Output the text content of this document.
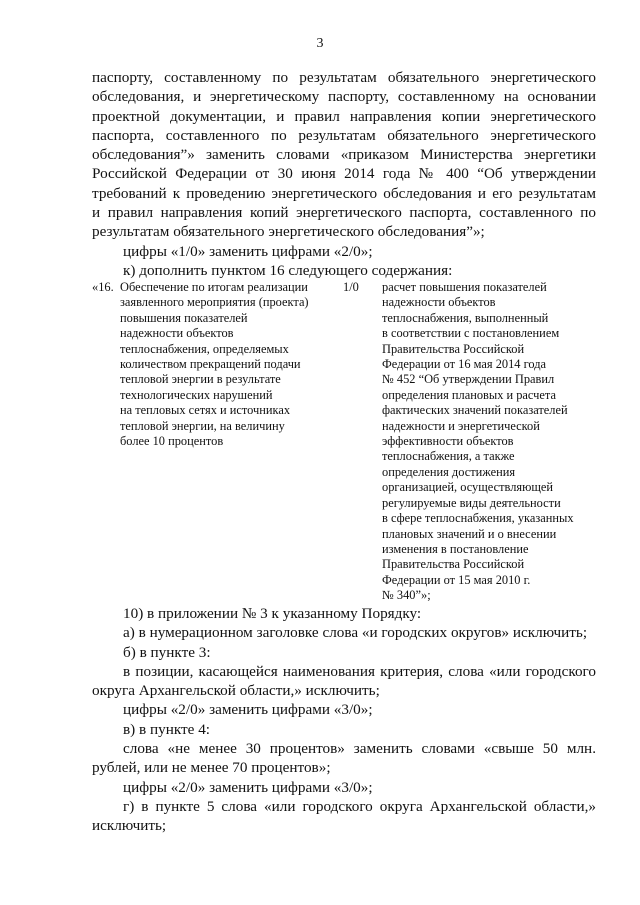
3
паспорту, составленному по результатам обязательного энергетического
обследования, и энергетическому паспорту, составленному на основании
проектной документации, и правил направления копии энергетического
паспорта, составленного по результатам обязательного энергетического
обследования”» заменить словами «приказом Министерства энергетики
Российской Федерации от 30 июня 2014 года № 400 “Об утверждении
требований к проведению энергетического обследования и его результатам
и правил направления копий энергетического паспорта, составленного по
результатам обязательного энергетического обследования”»;
цифры «1/0» заменить цифрами «2/0»;
к) дополнить пунктом 16 следующего содержания:
«16. Обеспечение по итогам реализации
заявленного мероприятия (проекта)
повышения показателей
надежности объектов
теплоснабжения, определяемых
количеством прекращений подачи
тепловой энергии в результате
технологических нарушений
на тепловых сетях и источниках
тепловой энергии, на величину
более 10 процентов
1/0 расчет повышения показателей
надежности объектов
теплоснабжения, выполненный
в соответствии с постановлением
Правительства Российской
Федерации от 16 мая 2014 года
№ 452 “Об утверждении Правил
определения плановых и расчета
фактических значений показателей
надежности и энергетической
эффективности объектов
теплоснабжения, а также
определения достижения
организацией, осуществляющей
регулируемые виды деятельности
в сфере теплоснабжения, указанных
плановых значений и о внесении
изменения в постановление
Правительства Российской
Федерации от 15 мая 2010 г.
№ 340”»;
10) в приложении № 3 к указанному Порядку:
а) в нумерационном заголовке слова «и городских округов» исключить;
б) в пункте 3:
в позиции, касающейся наименования критерия, слова «или городского
округа Архангельской области,» исключить;
цифры «2/0» заменить цифрами «3/0»;
в) в пункте 4:
слова «не менее 30 процентов» заменить словами «свыше 50 млн.
рублей, или не менее 70 процентов»;
цифры «2/0» заменить цифрами «3/0»;
г) в пункте 5 слова «или городского округа Архангельской области,»
исключить;
